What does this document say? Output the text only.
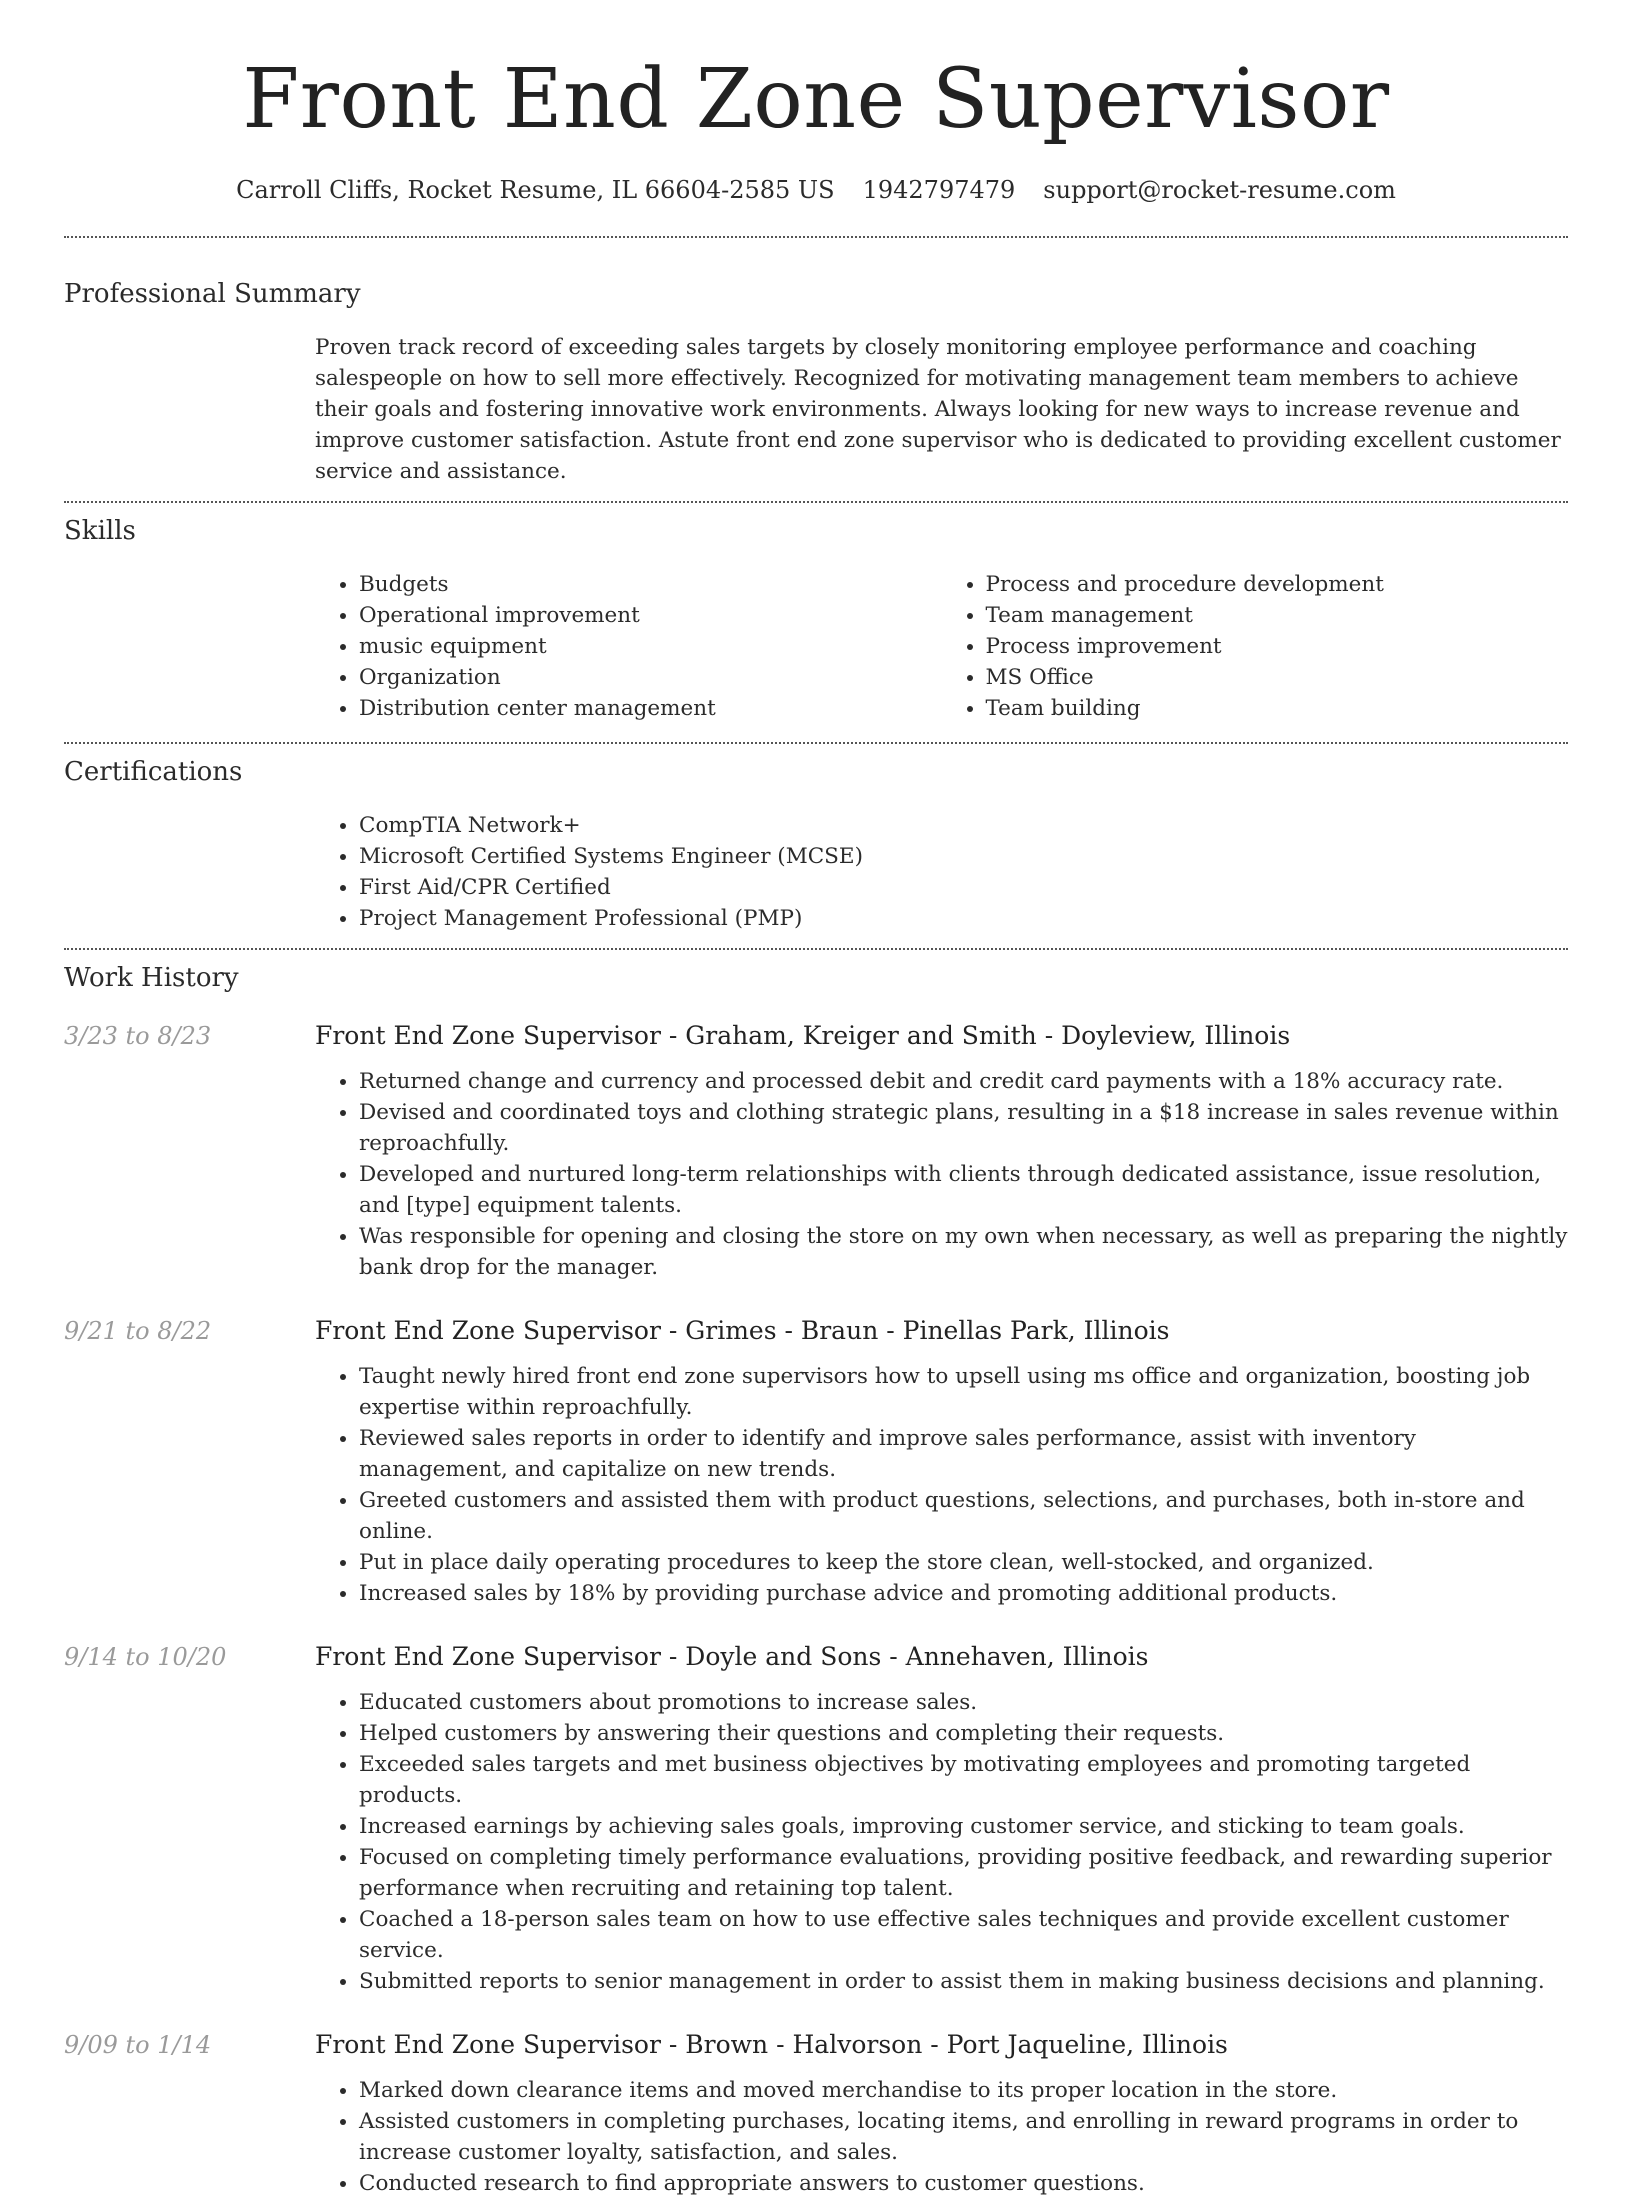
Front End Zone Supervisor
Carroll Cliffs, Rocket Resume, IL 66604-2585 US 1942797479 support@rocket-resume.com
Professional Summary
Proven track record of exceeding sales targets by closely monitoring employee performance and coaching salespeople on how to sell more effectively. Recognized for motivating management team members to achieve their goals and fostering innovative work environments. Always looking for new ways to increase revenue and improve customer satisfaction. Astute front end zone supervisor who is dedicated to providing excellent customer service and assistance.
Skills
• Budgets
• Operational improvement
• music equipment
• Organization
• Distribution center management
• Process and procedure development
• Team management
• Process improvement
• MS Office
• Team building
Certifications
• CompTIA Network+
• Microsoft Certified Systems Engineer (MCSE)
• First Aid/CPR Certified
• Project Management Professional (PMP)
Work History
3/23 to 8/23	Front End Zone Supervisor - Graham, Kreiger and Smith - Doyleview, Illinois
• Returned change and currency and processed debit and credit card payments with a 18% accuracy rate.
• Devised and coordinated toys and clothing strategic plans, resulting in a $18 increase in sales revenue within reproachfully.
• Developed and nurtured long-term relationships with clients through dedicated assistance, issue resolution, and [type] equipment talents.
• Was responsible for opening and closing the store on my own when necessary, as well as preparing the nightly bank drop for the manager.
9/21 to 8/22	Front End Zone Supervisor - Grimes - Braun - Pinellas Park, Illinois
• Taught newly hired front end zone supervisors how to upsell using ms office and organization, boosting job expertise within reproachfully.
• Reviewed sales reports in order to identify and improve sales performance, assist with inventory management, and capitalize on new trends.
• Greeted customers and assisted them with product questions, selections, and purchases, both in-store and online.
• Put in place daily operating procedures to keep the store clean, well-stocked, and organized.
• Increased sales by 18% by providing purchase advice and promoting additional products.
9/14 to 10/20	Front End Zone Supervisor - Doyle and Sons - Annehaven, Illinois
• Educated customers about promotions to increase sales.
• Helped customers by answering their questions and completing their requests.
• Exceeded sales targets and met business objectives by motivating employees and promoting targeted products.
• Increased earnings by achieving sales goals, improving customer service, and sticking to team goals.
• Focused on completing timely performance evaluations, providing positive feedback, and rewarding superior performance when recruiting and retaining top talent.
• Coached a 18-person sales team on how to use effective sales techniques and provide excellent customer service.
• Submitted reports to senior management in order to assist them in making business decisions and planning.
9/09 to 1/14	Front End Zone Supervisor - Brown - Halvorson - Port Jaqueline, Illinois
• Marked down clearance items and moved merchandise to its proper location in the store.
• Assisted customers in completing purchases, locating items, and enrolling in reward programs in order to increase customer loyalty, satisfaction, and sales.
• Conducted research to find appropriate answers to customer questions.
